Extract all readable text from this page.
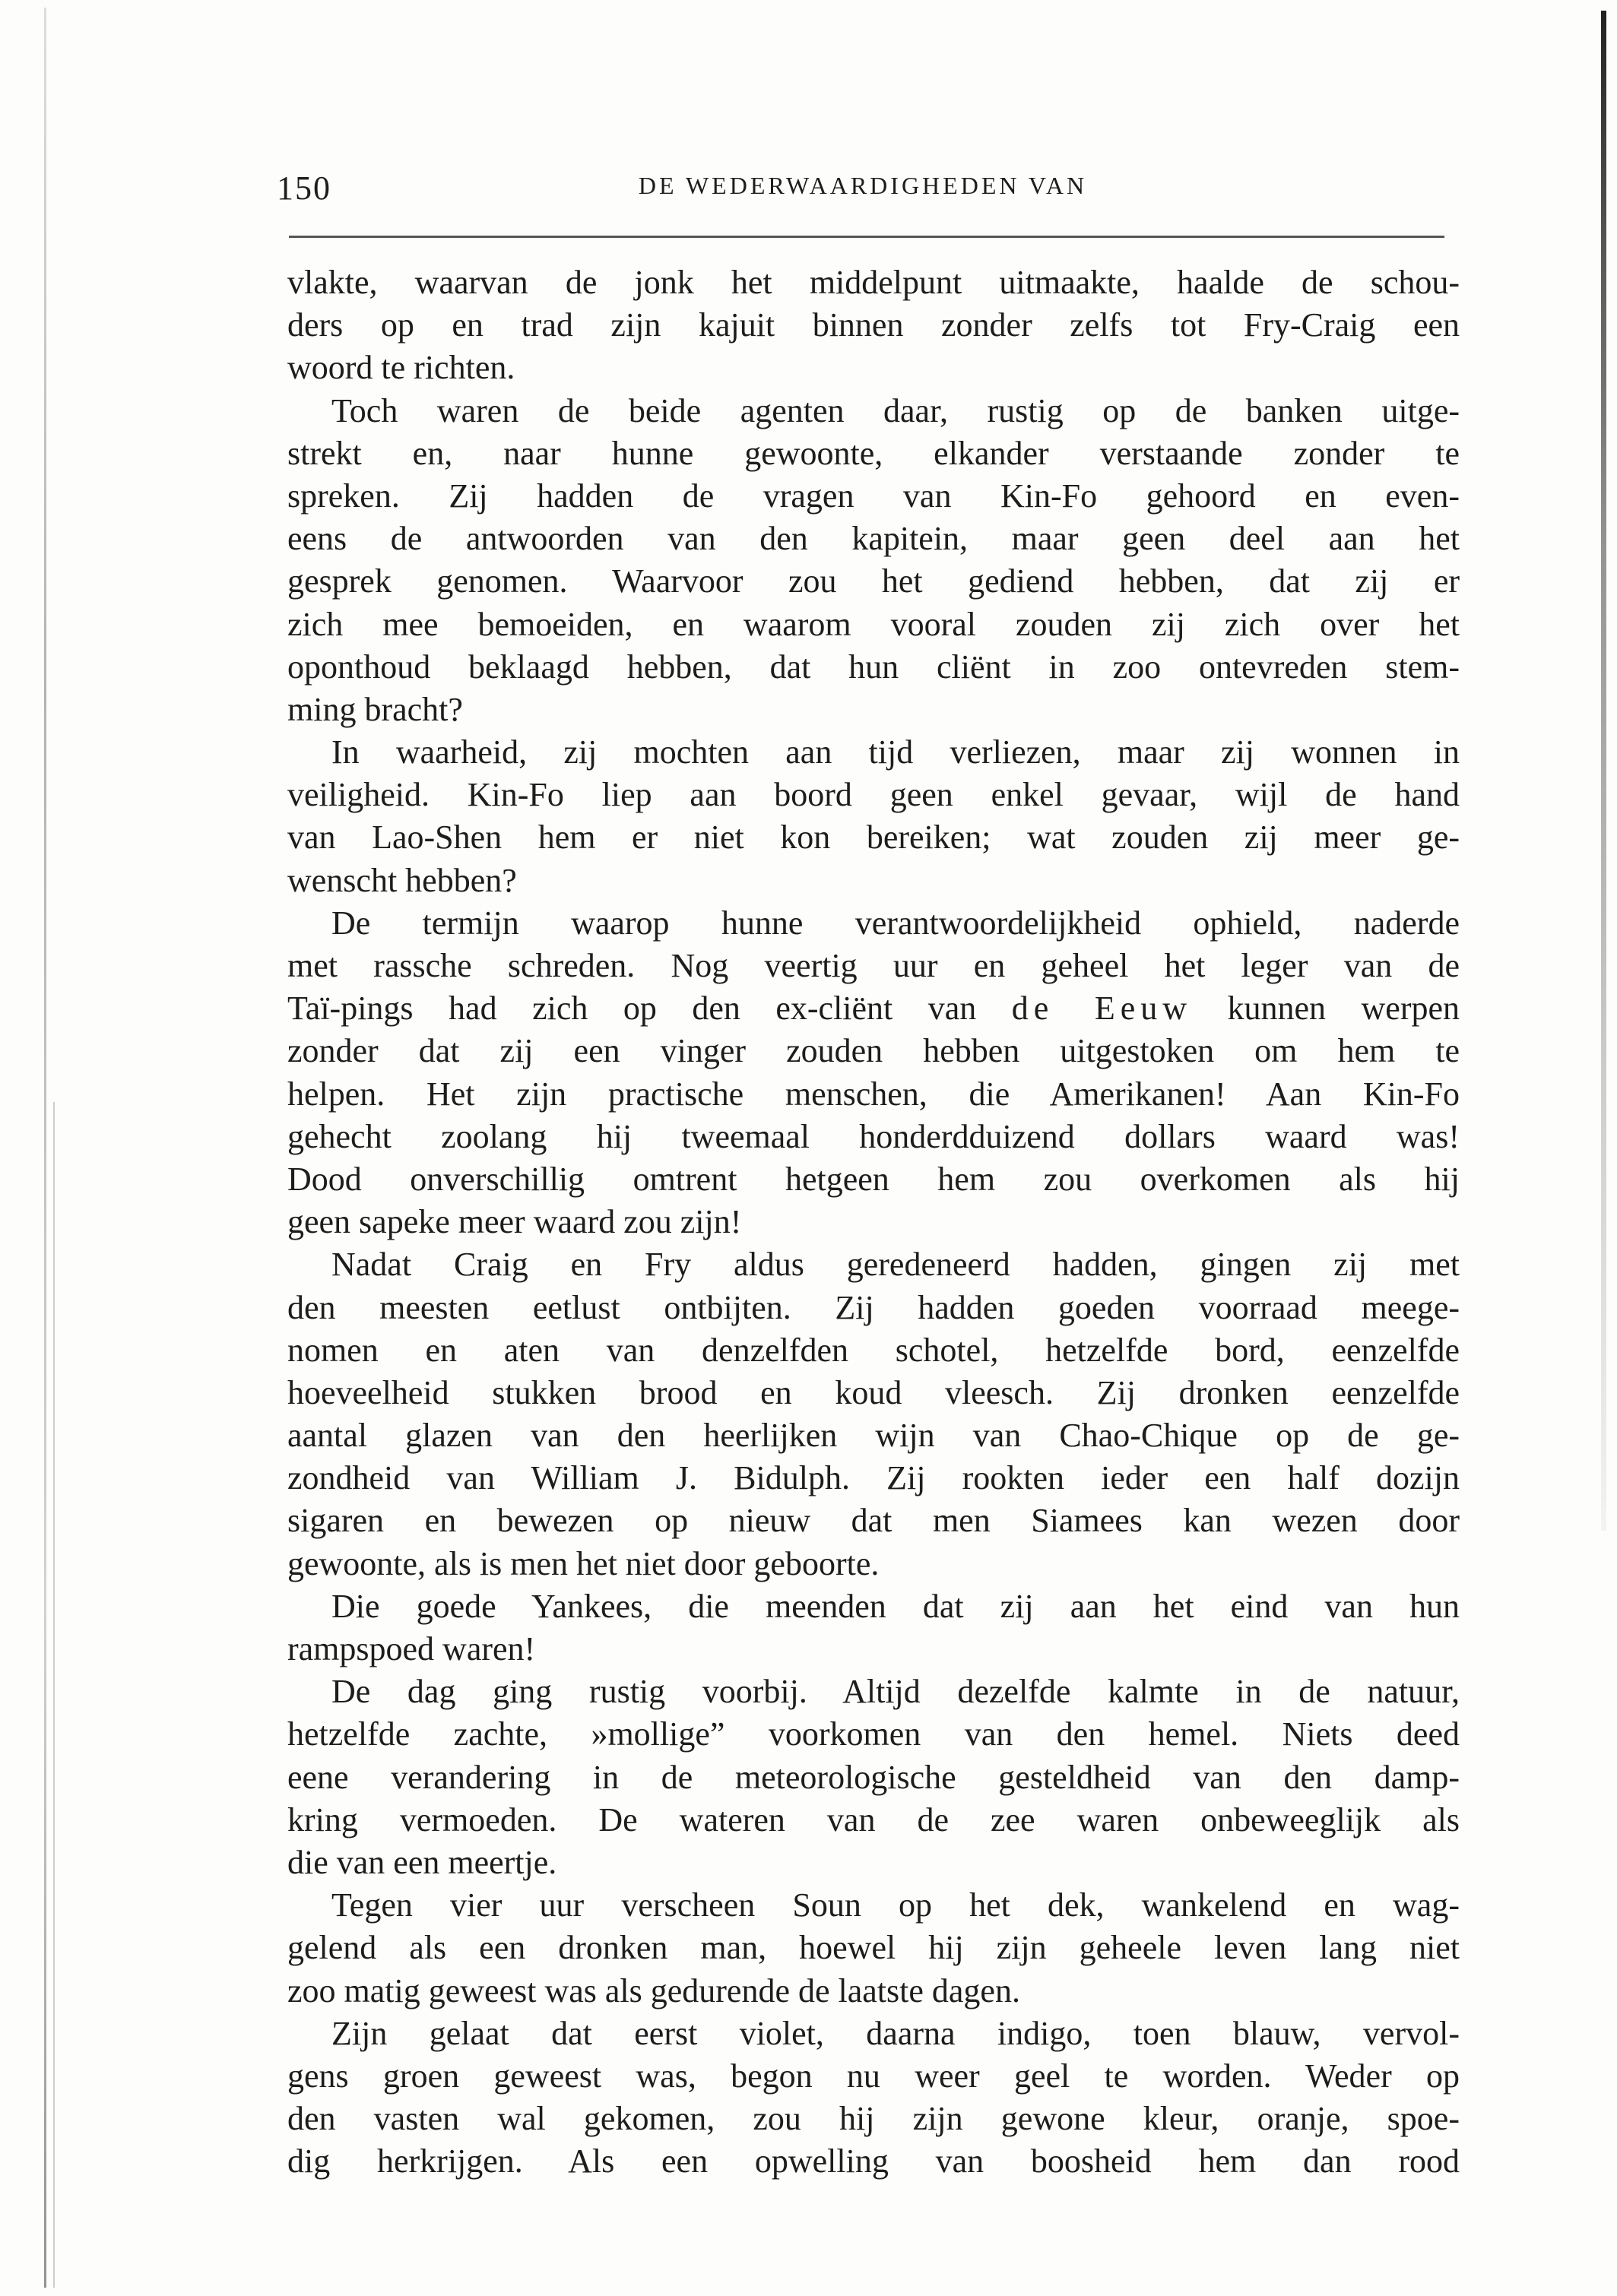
150	DE WEDERWAARDIGHEDEN VAN
vlakte, waarvan de jonk het middelpunt uitmaakte, haalde de schou-
ders op en trad zijn kajuit binnen zonder zelfs tot Fry-Craig een
woord te richten.
Toch waren de beide agenten daar, rustig op de banken uitge-
strekt en, naar hunne gewoonte, elkander verstaande zonder te
spreken. Zij hadden de vragen van Kin-Fo gehoord en even-
eens de antwoorden van den kapitein, maar geen deel aan het
gesprek genomen. Waarvoor zou het gediend hebben, dat zij er
zich mee bemoeiden, en waarom vooral zouden zij zich over het
oponthoud beklaagd hebben, dat hun cliënt in zoo ontevreden stem-
ming bracht?
In waarheid, zij mochten aan tijd verliezen, maar zij wonnen in
veiligheid. Kin-Fo liep aan boord geen enkel gevaar, wijl de hand
van Lao-Shen hem er niet kon bereiken; wat zouden zij meer ge-
wenscht hebben?
De termijn waarop hunne verantwoordelijkheid ophield, naderde
met rassche schreden. Nog veertig uur en geheel het leger van de
Taï-pings had zich op den ex-cliënt van de Eeuw kunnen werpen
zonder dat zij een vinger zouden hebben uitgestoken om hem te
helpen. Het zijn practische menschen, die Amerikanen! Aan Kin-Fo
gehecht zoolang hij tweemaal honderdduizend dollars waard was!
Dood onverschillig omtrent hetgeen hem zou overkomen als hij
geen sapeke meer waard zou zijn!
Nadat Craig en Fry aldus geredeneerd hadden, gingen zij met
den meesten eetlust ontbijten. Zij hadden goeden voorraad meege-
nomen en aten van denzelfden schotel, hetzelfde bord, eenzelfde
hoeveelheid stukken brood en koud vleesch. Zij dronken eenzelfde
aantal glazen van den heerlijken wijn van Chao-Chique op de ge-
zondheid van William J. Bidulph. Zij rookten ieder een half dozijn
sigaren en bewezen op nieuw dat men Siamees kan wezen door
gewoonte, als is men het niet door geboorte.
Die goede Yankees, die meenden dat zij aan het eind van hun
rampspoed waren!
De dag ging rustig voorbij. Altijd dezelfde kalmte in de natuur,
hetzelfde zachte, »mollige” voorkomen van den hemel. Niets deed
eene verandering in de meteorologische gesteldheid van den damp-
kring vermoeden. De wateren van de zee waren onbeweeglijk als
die van een meertje.
Tegen vier uur verscheen Soun op het dek, wankelend en wag-
gelend als een dronken man, hoewel hij zijn geheele leven lang niet
zoo matig geweest was als gedurende de laatste dagen.
Zijn gelaat dat eerst violet, daarna indigo, toen blauw, vervol-
gens groen geweest was, begon nu weer geel te worden. Weder op
den vasten wal gekomen, zou hij zijn gewone kleur, oranje, spoe-
dig herkrijgen. Als een opwelling van boosheid hem dan rood
